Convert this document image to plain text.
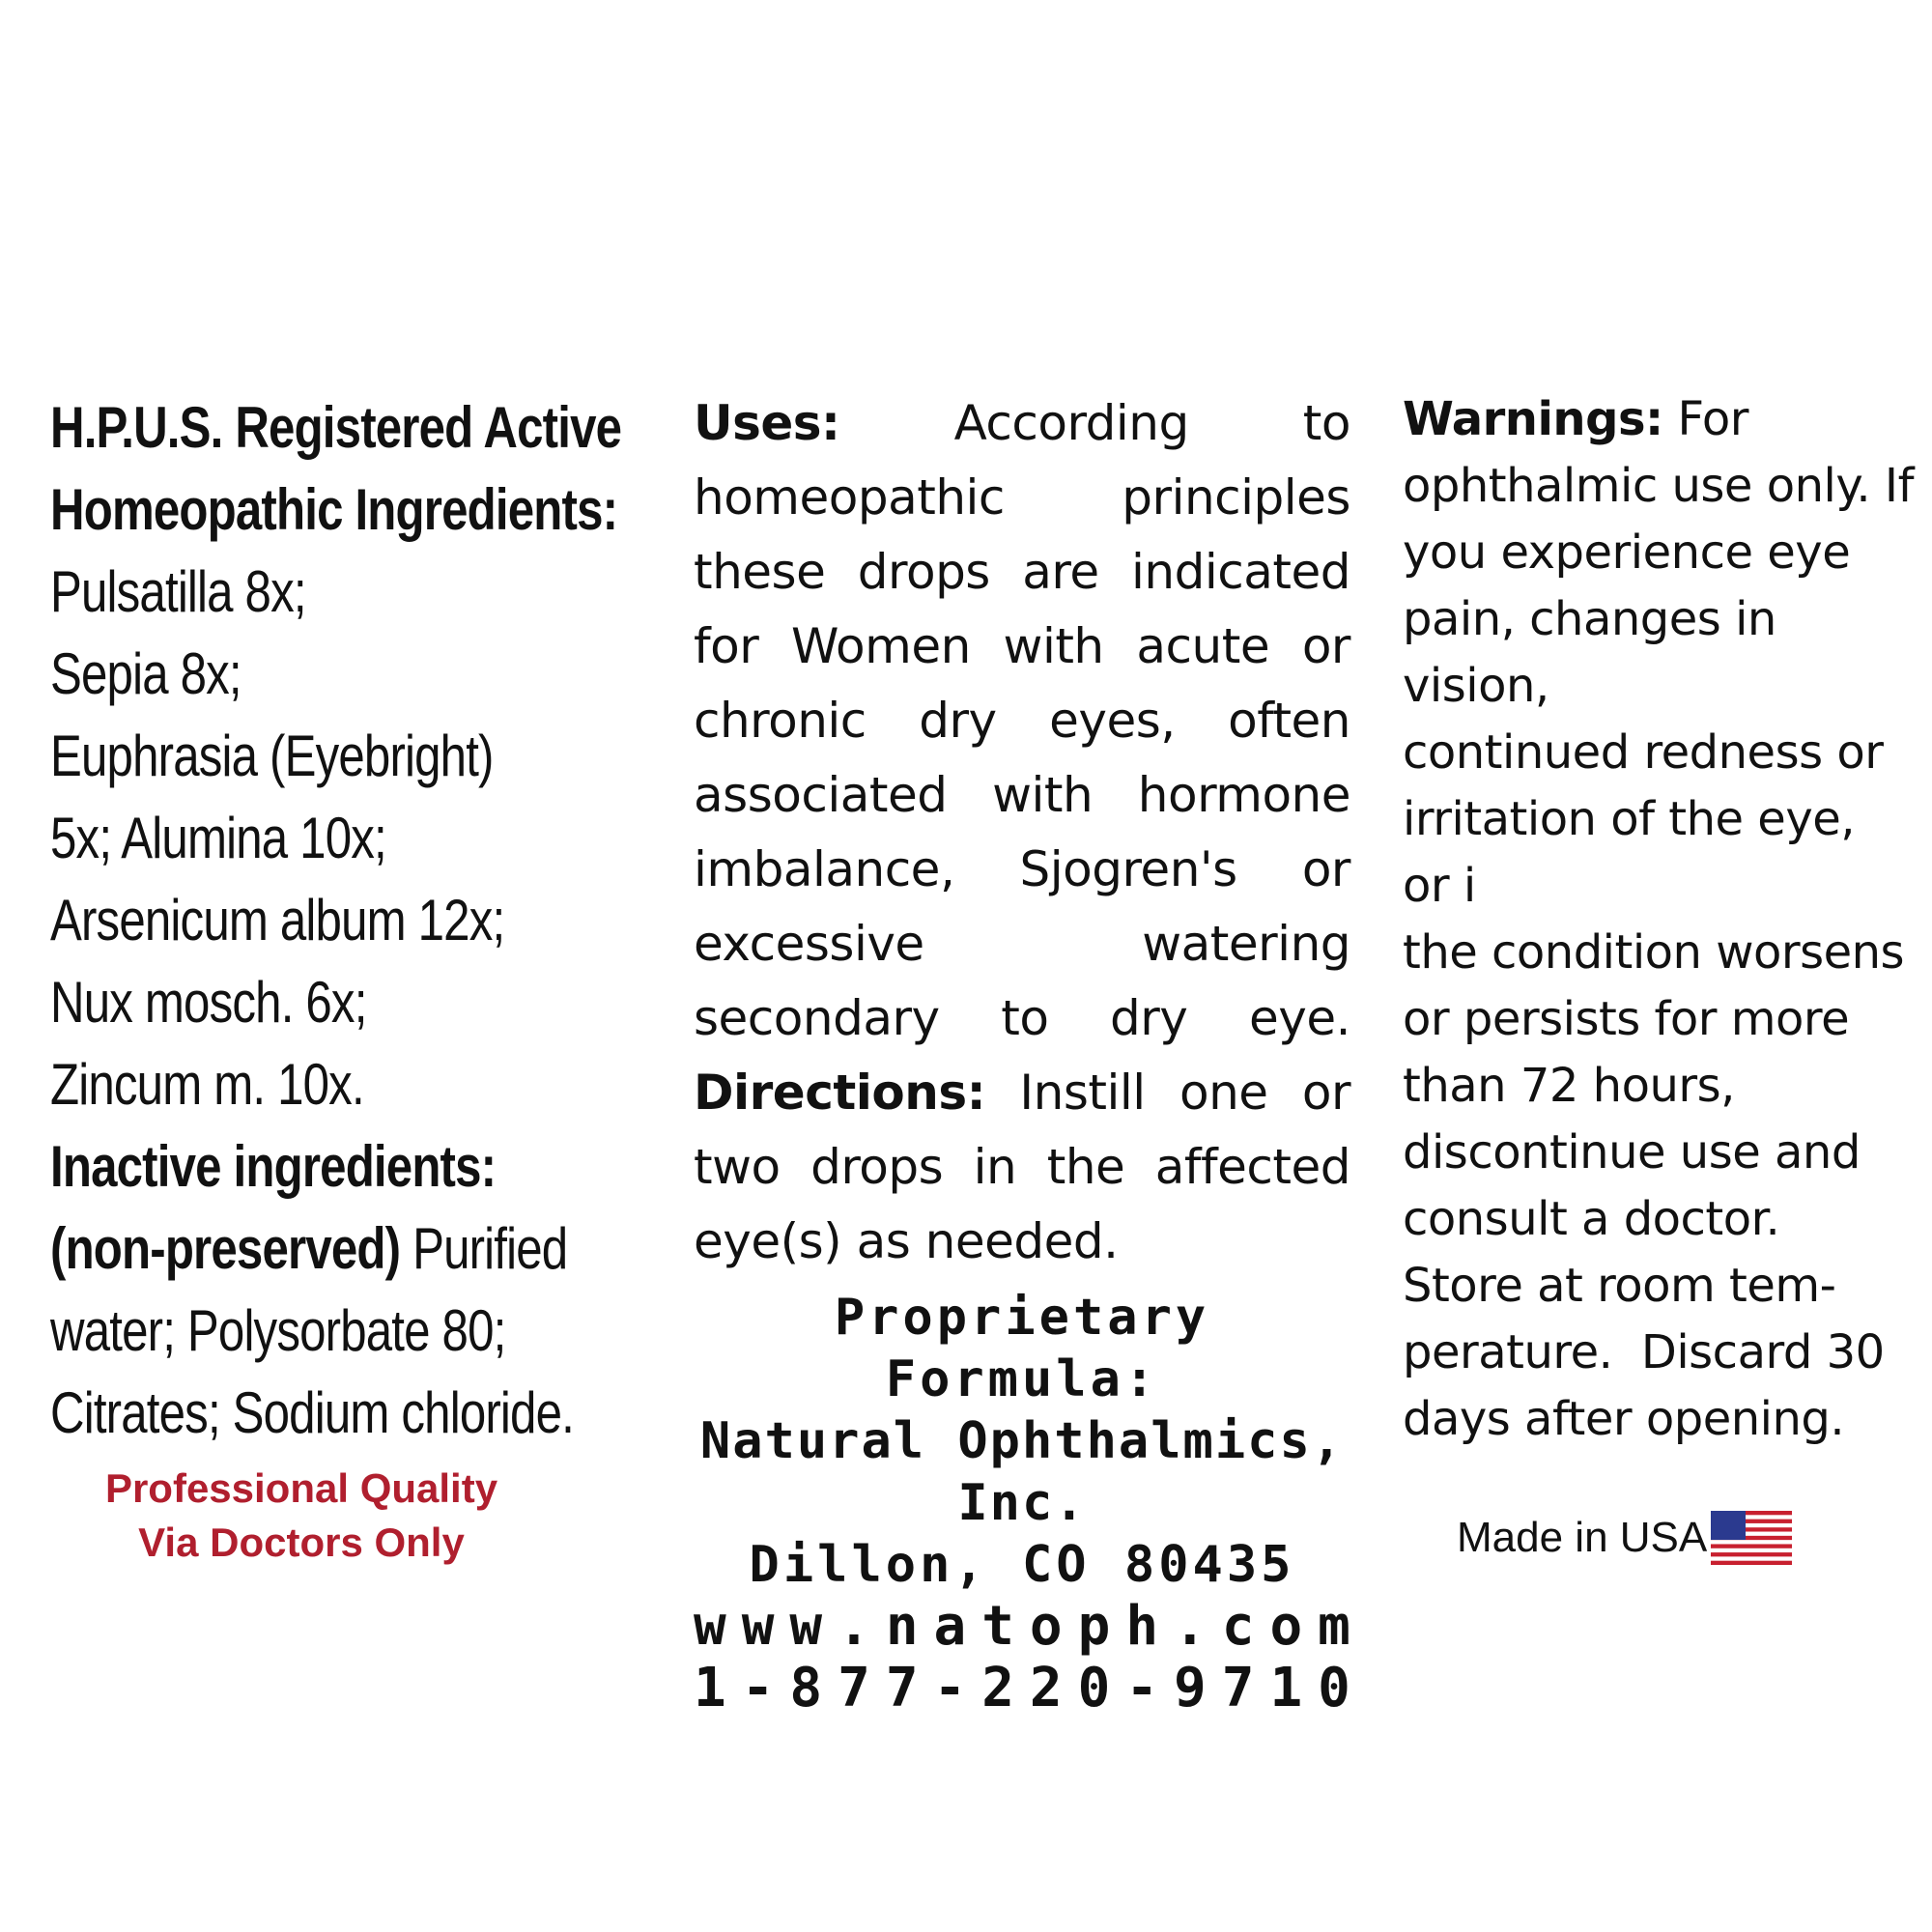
H.P.U.S. Registered Active
Homeopathic Ingredients:
Pulsatilla 8x;
Sepia 8x;
Euphrasia (Eyebright)
5x; Alumina 10x;
Arsenicum album 12x;
Nux mosch. 6x;
Zincum m. 10x.
Inactive ingredients:
(non-preserved) Purified
water; Polysorbate 80;
Citrates; Sodium chloride.
Professional Quality
Via Doctors Only
Uses: According to homeopathic principles these drops are indicated for Women with acute or chronic dry eyes, often associated with hormone imbalance, Sjogren's or excessive watering secondary to dry eye. Directions: Instill one or two drops in the affected eye(s) as needed.
Proprietary Formula:
Natural Ophthalmics, Inc.
Dillon, CO 80435
w w w . n a t o p h . c o m
1 - 8 7 7 - 2 2 0 - 9 7 1 0
Warnings: For
ophthalmic use only. If
you experience eye
pain, changes in vision,
continued redness or
irritation of the eye, or i
the condition worsens
or persists for more
than 72 hours,
discontinue use and
consult a doctor.
Store at room tem-
perature.  Discard 30
days after opening.
Made in USA
